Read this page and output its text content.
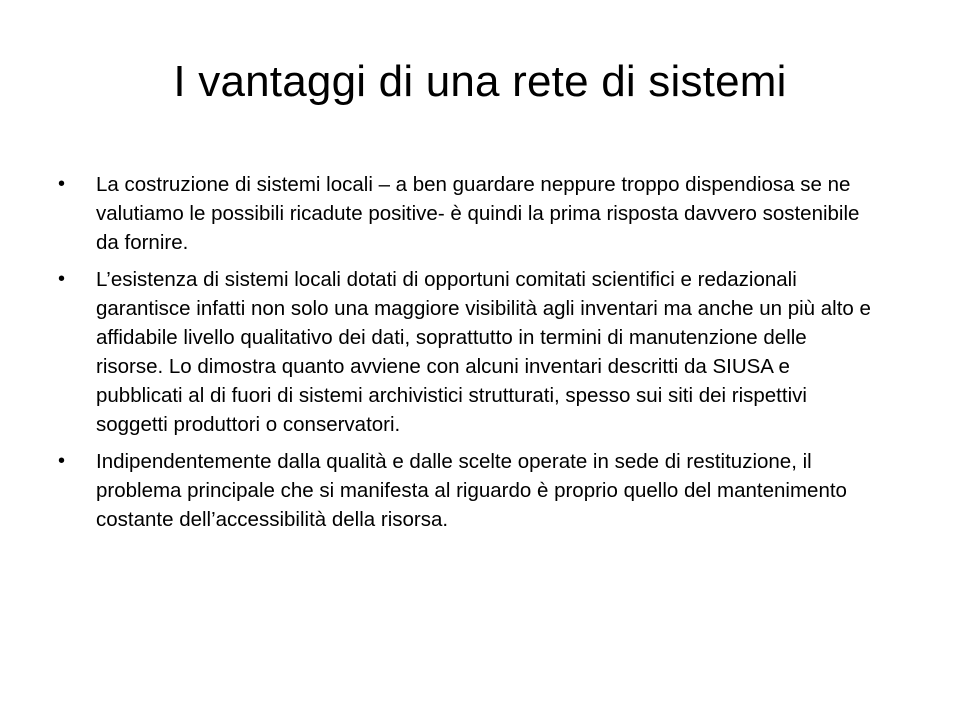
I vantaggi di una rete di sistemi
• La costruzione di sistemi locali – a ben guardare neppure troppo dispendiosa se ne valutiamo le possibili ricadute positive- è quindi la prima risposta davvero sostenibile da fornire.
• L’esistenza di sistemi locali dotati di opportuni comitati scientifici e redazionali garantisce infatti non solo una maggiore visibilità agli inventari ma anche un più alto e affidabile livello qualitativo dei dati, soprattutto in termini di manutenzione delle risorse. Lo dimostra quanto avviene con alcuni inventari descritti da SIUSA e pubblicati al di fuori di sistemi archivistici strutturati, spesso sui siti dei rispettivi soggetti produttori o conservatori.
• Indipendentemente dalla qualità e dalle scelte operate in sede di restituzione, il problema principale che si manifesta al riguardo è proprio quello del mantenimento costante dell’accessibilità della risorsa.
